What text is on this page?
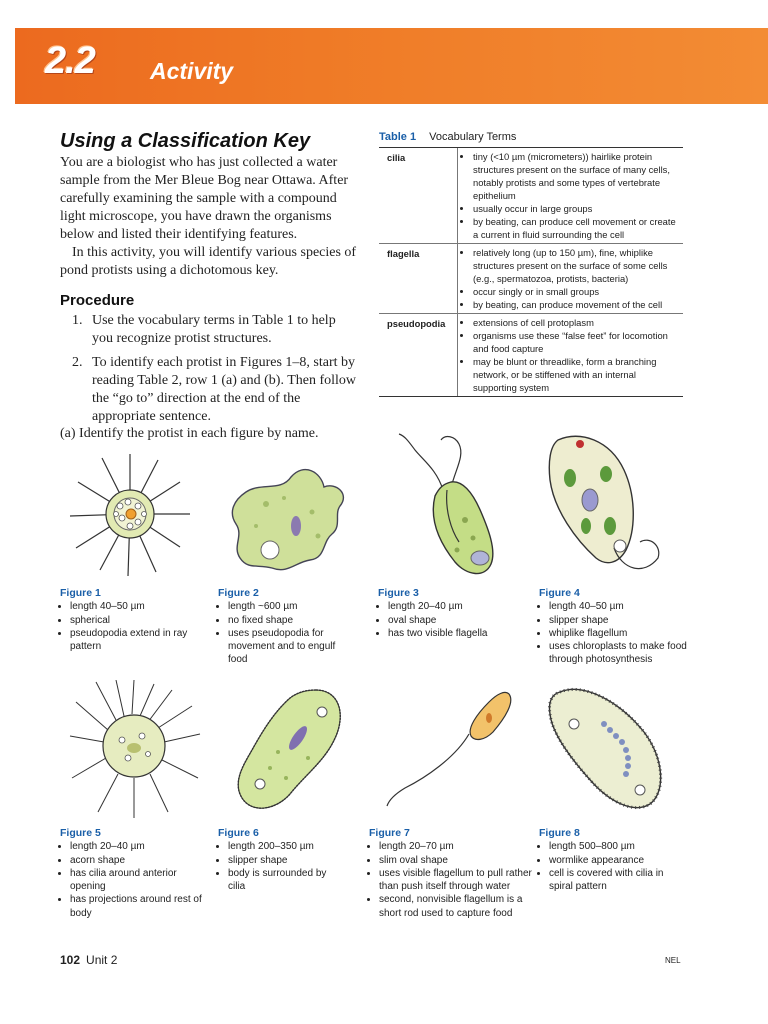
2.2 Activity
Using a Classification Key

You are a biologist who has just collected a water sample from the Mer Bleue Bog near Ottawa. After carefully examining the sample with a compound light microscope, you have drawn the organisms below and listed their identifying features.

In this activity, you will identify various species of pond protists using a dichotomous key.

Procedure
1. Use the vocabulary terms in Table 1 to help you recognize protist structures.
2. To identify each protist in Figures 1–8, start by reading Table 2, row 1 (a) and (b). Then follow the “go to” direction at the end of the appropriate sentence.
(a) Identify the protist in each figure by name.
Table 1 Vocabulary Terms
cilia	• tiny (<10 µm (micrometers)) hairlike protein structures present on the surface of many cells, notably protists and some types of vertebrate epithelium
• usually occur in large groups
• by beating, can produce cell movement or create a current in fluid surrounding the cell
flagella	• relatively long (up to 150 µm), fine, whiplike structures present on the surface of some cells (e.g., spermatozoa, protists, bacteria)
• occur singly or in small groups
• by beating, can produce movement of the cell
pseudopodia	• extensions of cell protoplasm
• organisms use these “false feet” for locomotion and food capture
• may be blunt or threadlike, form a branching network, or be stiffened with an internal supporting system
Figure 1
• length 40–50 µm
• spherical
• pseudopodia extend in ray pattern
Figure 2
• length ~600 µm
• no fixed shape
• uses pseudopodia for movement and to engulf food
Figure 3
• length 20–40 µm
• oval shape
• has two visible flagella
Figure 4
• length 40–50 µm
• slipper shape
• whiplike flagellum
• uses chloroplasts to make food through photosynthesis
Figure 5
• length 20–40 µm
• acorn shape
• has cilia around anterior opening
• has projections around rest of body
Figure 6
• length 200–350 µm
• slipper shape
• body is surrounded by cilia
Figure 7
• length 20–70 µm
• slim oval shape
• uses visible flagellum to pull rather than push itself through water
• second, nonvisible flagellum is a short rod used to capture food
Figure 8
• length 500–800 µm
• wormlike appearance
• cell is covered with cilia in spiral pattern
102 Unit 2	NEL
